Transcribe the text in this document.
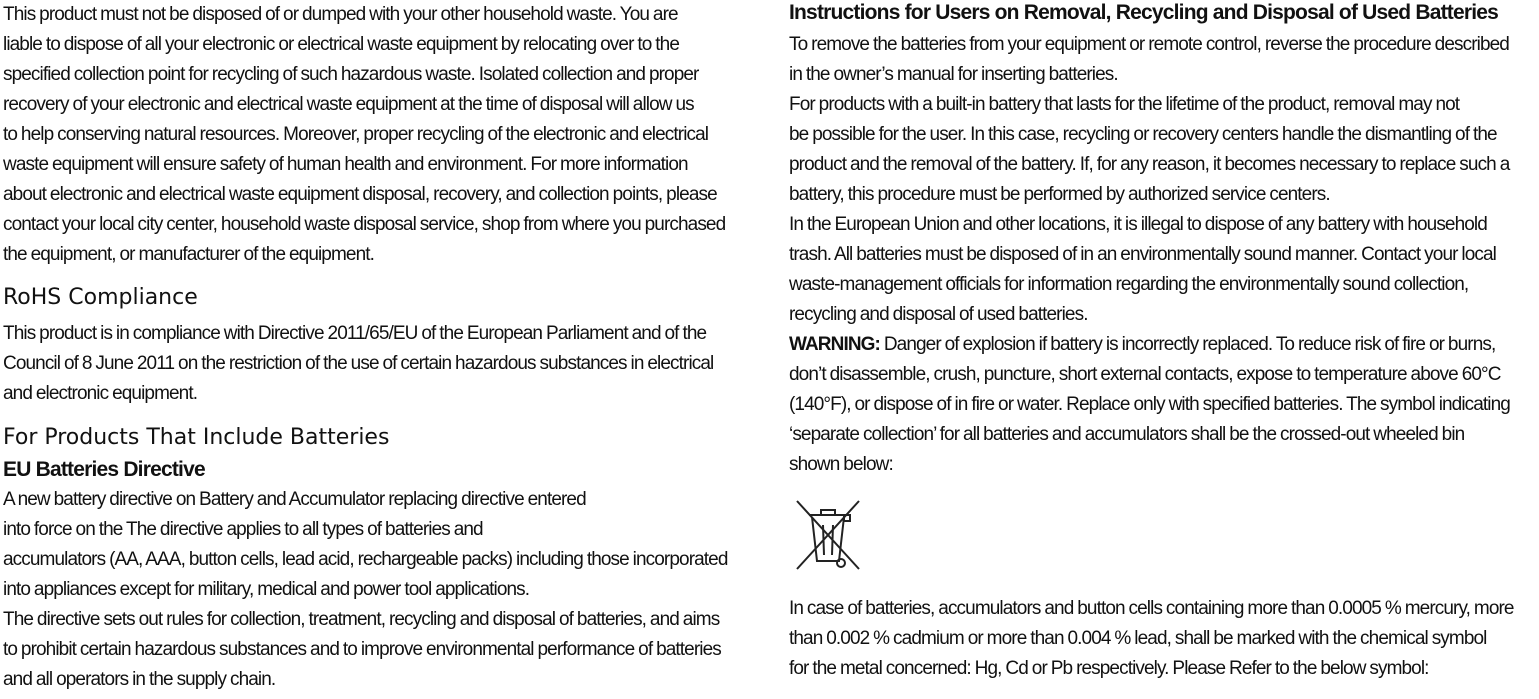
This product must not be disposed of or dumped with your other household waste. You are
liable to dispose of all your electronic or electrical waste equipment by relocating over to the
specified collection point for recycling of such hazardous waste. Isolated collection and proper
recovery of your electronic and electrical waste equipment at the time of disposal will allow us
to help conserving natural resources. Moreover, proper recycling of the electronic and electrical
waste equipment will ensure safety of human health and environment. For more information
about electronic and electrical waste equipment disposal, recovery, and collection points, please
contact your local city center, household waste disposal service, shop from where you purchased
the equipment, or manufacturer of the equipment.

RoHS Compliance

This product is in compliance with Directive 2011/65/EU of the European Parliament and of the
Council of 8 June 2011 on the restriction of the use of certain hazardous substances in electrical
and electronic equipment.

For Products That Include Batteries
EU Batteries Directive

A new battery directive on Battery and Accumulator replacing directive entered
into force on the The directive applies to all types of batteries and
accumulators (AA, AAA, button cells, lead acid, rechargeable packs) including those incorporated
into appliances except for military, medical and power tool applications.
The directive sets out rules for collection, treatment, recycling and disposal of batteries, and aims
to prohibit certain hazardous substances and to improve environmental performance of batteries
and all operators in the supply chain.

Instructions for Users on Removal, Recycling and Disposal of Used Batteries

To remove the batteries from your equipment or remote control, reverse the procedure described
in the owner’s manual for inserting batteries.
For products with a built-in battery that lasts for the lifetime of the product, removal may not
be possible for the user. In this case, recycling or recovery centers handle the dismantling of the
product and the removal of the battery. If, for any reason, it becomes necessary to replace such a
battery, this procedure must be performed by authorized service centers.
In the European Union and other locations, it is illegal to dispose of any battery with household
trash. All batteries must be disposed of in an environmentally sound manner. Contact your local
waste-management officials for information regarding the environmentally sound collection,
recycling and disposal of used batteries.
WARNING: Danger of explosion if battery is incorrectly replaced. To reduce risk of fire or burns,
don’t disassemble, crush, puncture, short external contacts, expose to temperature above 60°C
(140°F), or dispose of in fire or water. Replace only with specified batteries. The symbol indicating
‘separate collection’ for all batteries and accumulators shall be the crossed-out wheeled bin
shown below:

In case of batteries, accumulators and button cells containing more than 0.0005 % mercury, more
than 0.002 % cadmium or more than 0.004 % lead, shall be marked with the chemical symbol
for the metal concerned: Hg, Cd or Pb respectively. Please Refer to the below symbol:
